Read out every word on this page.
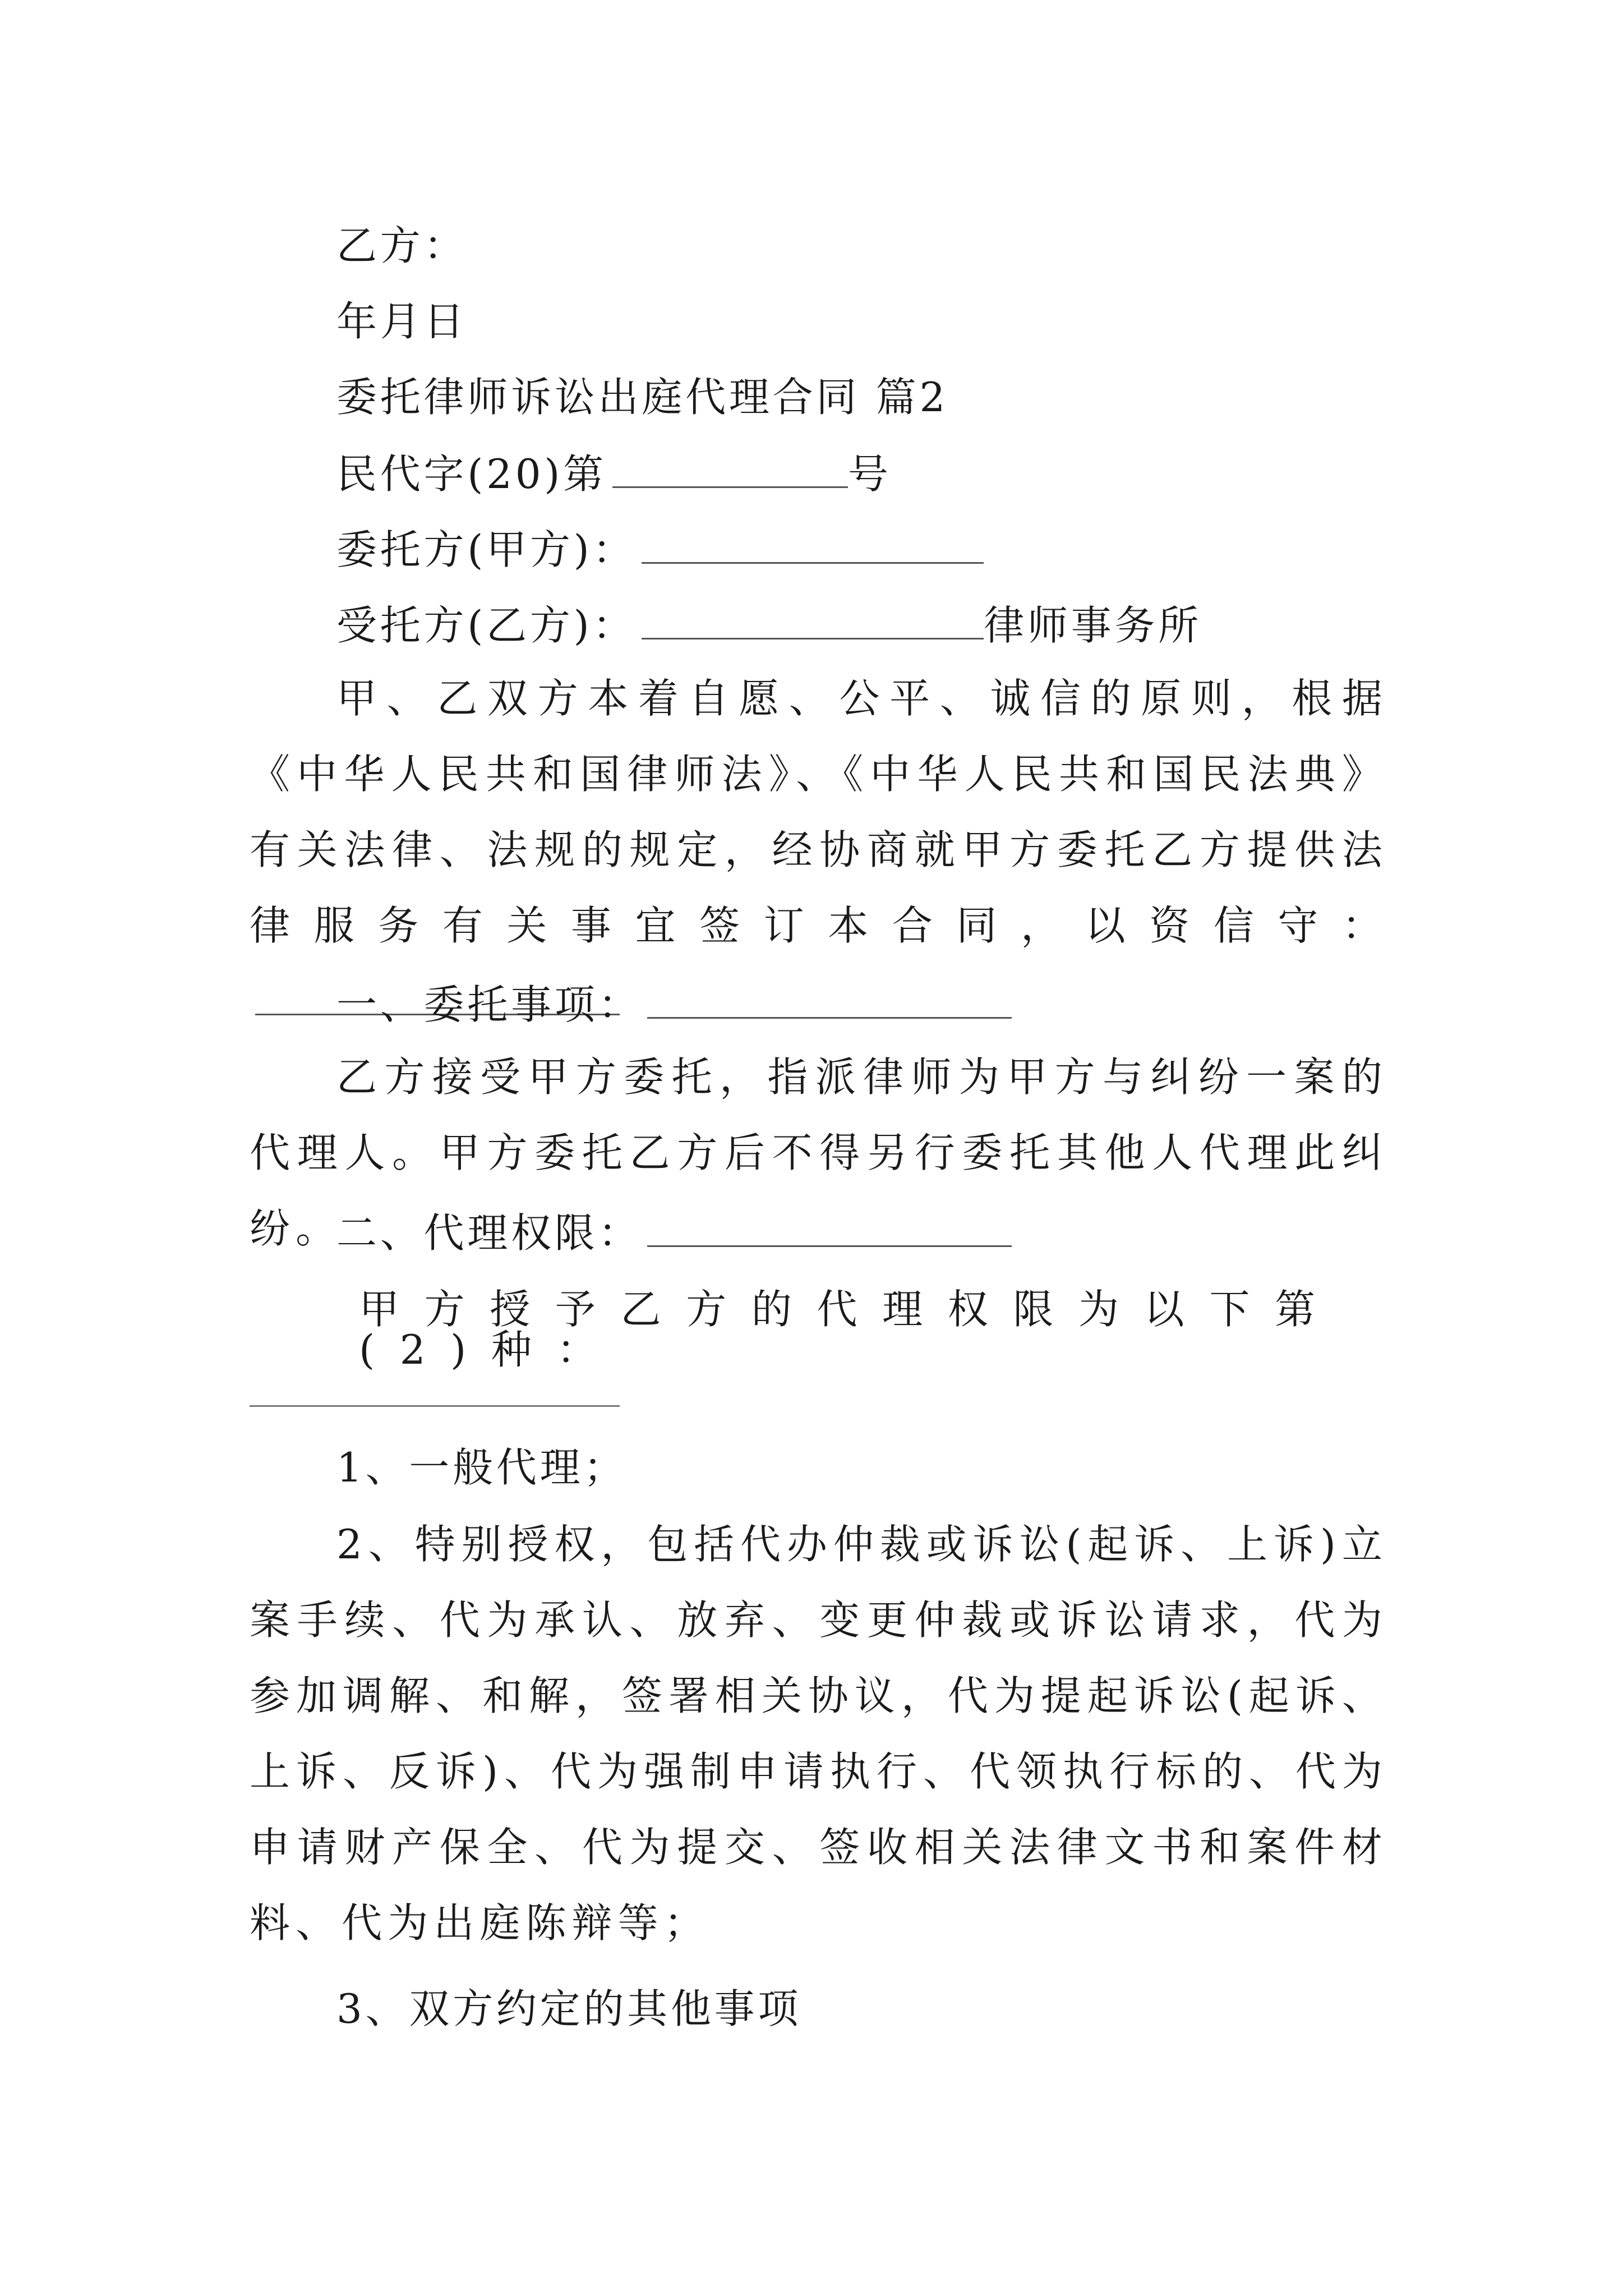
乙方：
年月日
委托律师诉讼出庭代理合同 篇2
民代字(20)第	号
委托方(甲方)：
受托方(乙方)：	律师事务所
甲、乙双方本着自愿、公平、诚信的原则，根据《中华人民共和国律师法》、《中华人民共和国民法典》有关法律、法规的规定，经协商就甲方委托乙方提供法律服务有关事宜签订本合同，以资信守：
一、委托事项：
乙方接受甲方委托，指派律师为甲方与纠纷一案的代理人。甲方委托乙方后不得另行委托其他人代理此纠纷。
二、代理权限：
甲方授予乙方的代理权限为以下第(2)种：
1、一般代理；
2、特别授权，包括代办仲裁或诉讼(起诉、上诉)立案手续、代为承认、放弃、变更仲裁或诉讼请求，代为参加调解、和解，签署相关协议，代为提起诉讼(起诉、上诉、反诉)、代为强制申请执行、代领执行标的、代为申请财产保全、代为提交、签收相关法律文书和案件材料、代为出庭陈辩等；
3、双方约定的其他事项
